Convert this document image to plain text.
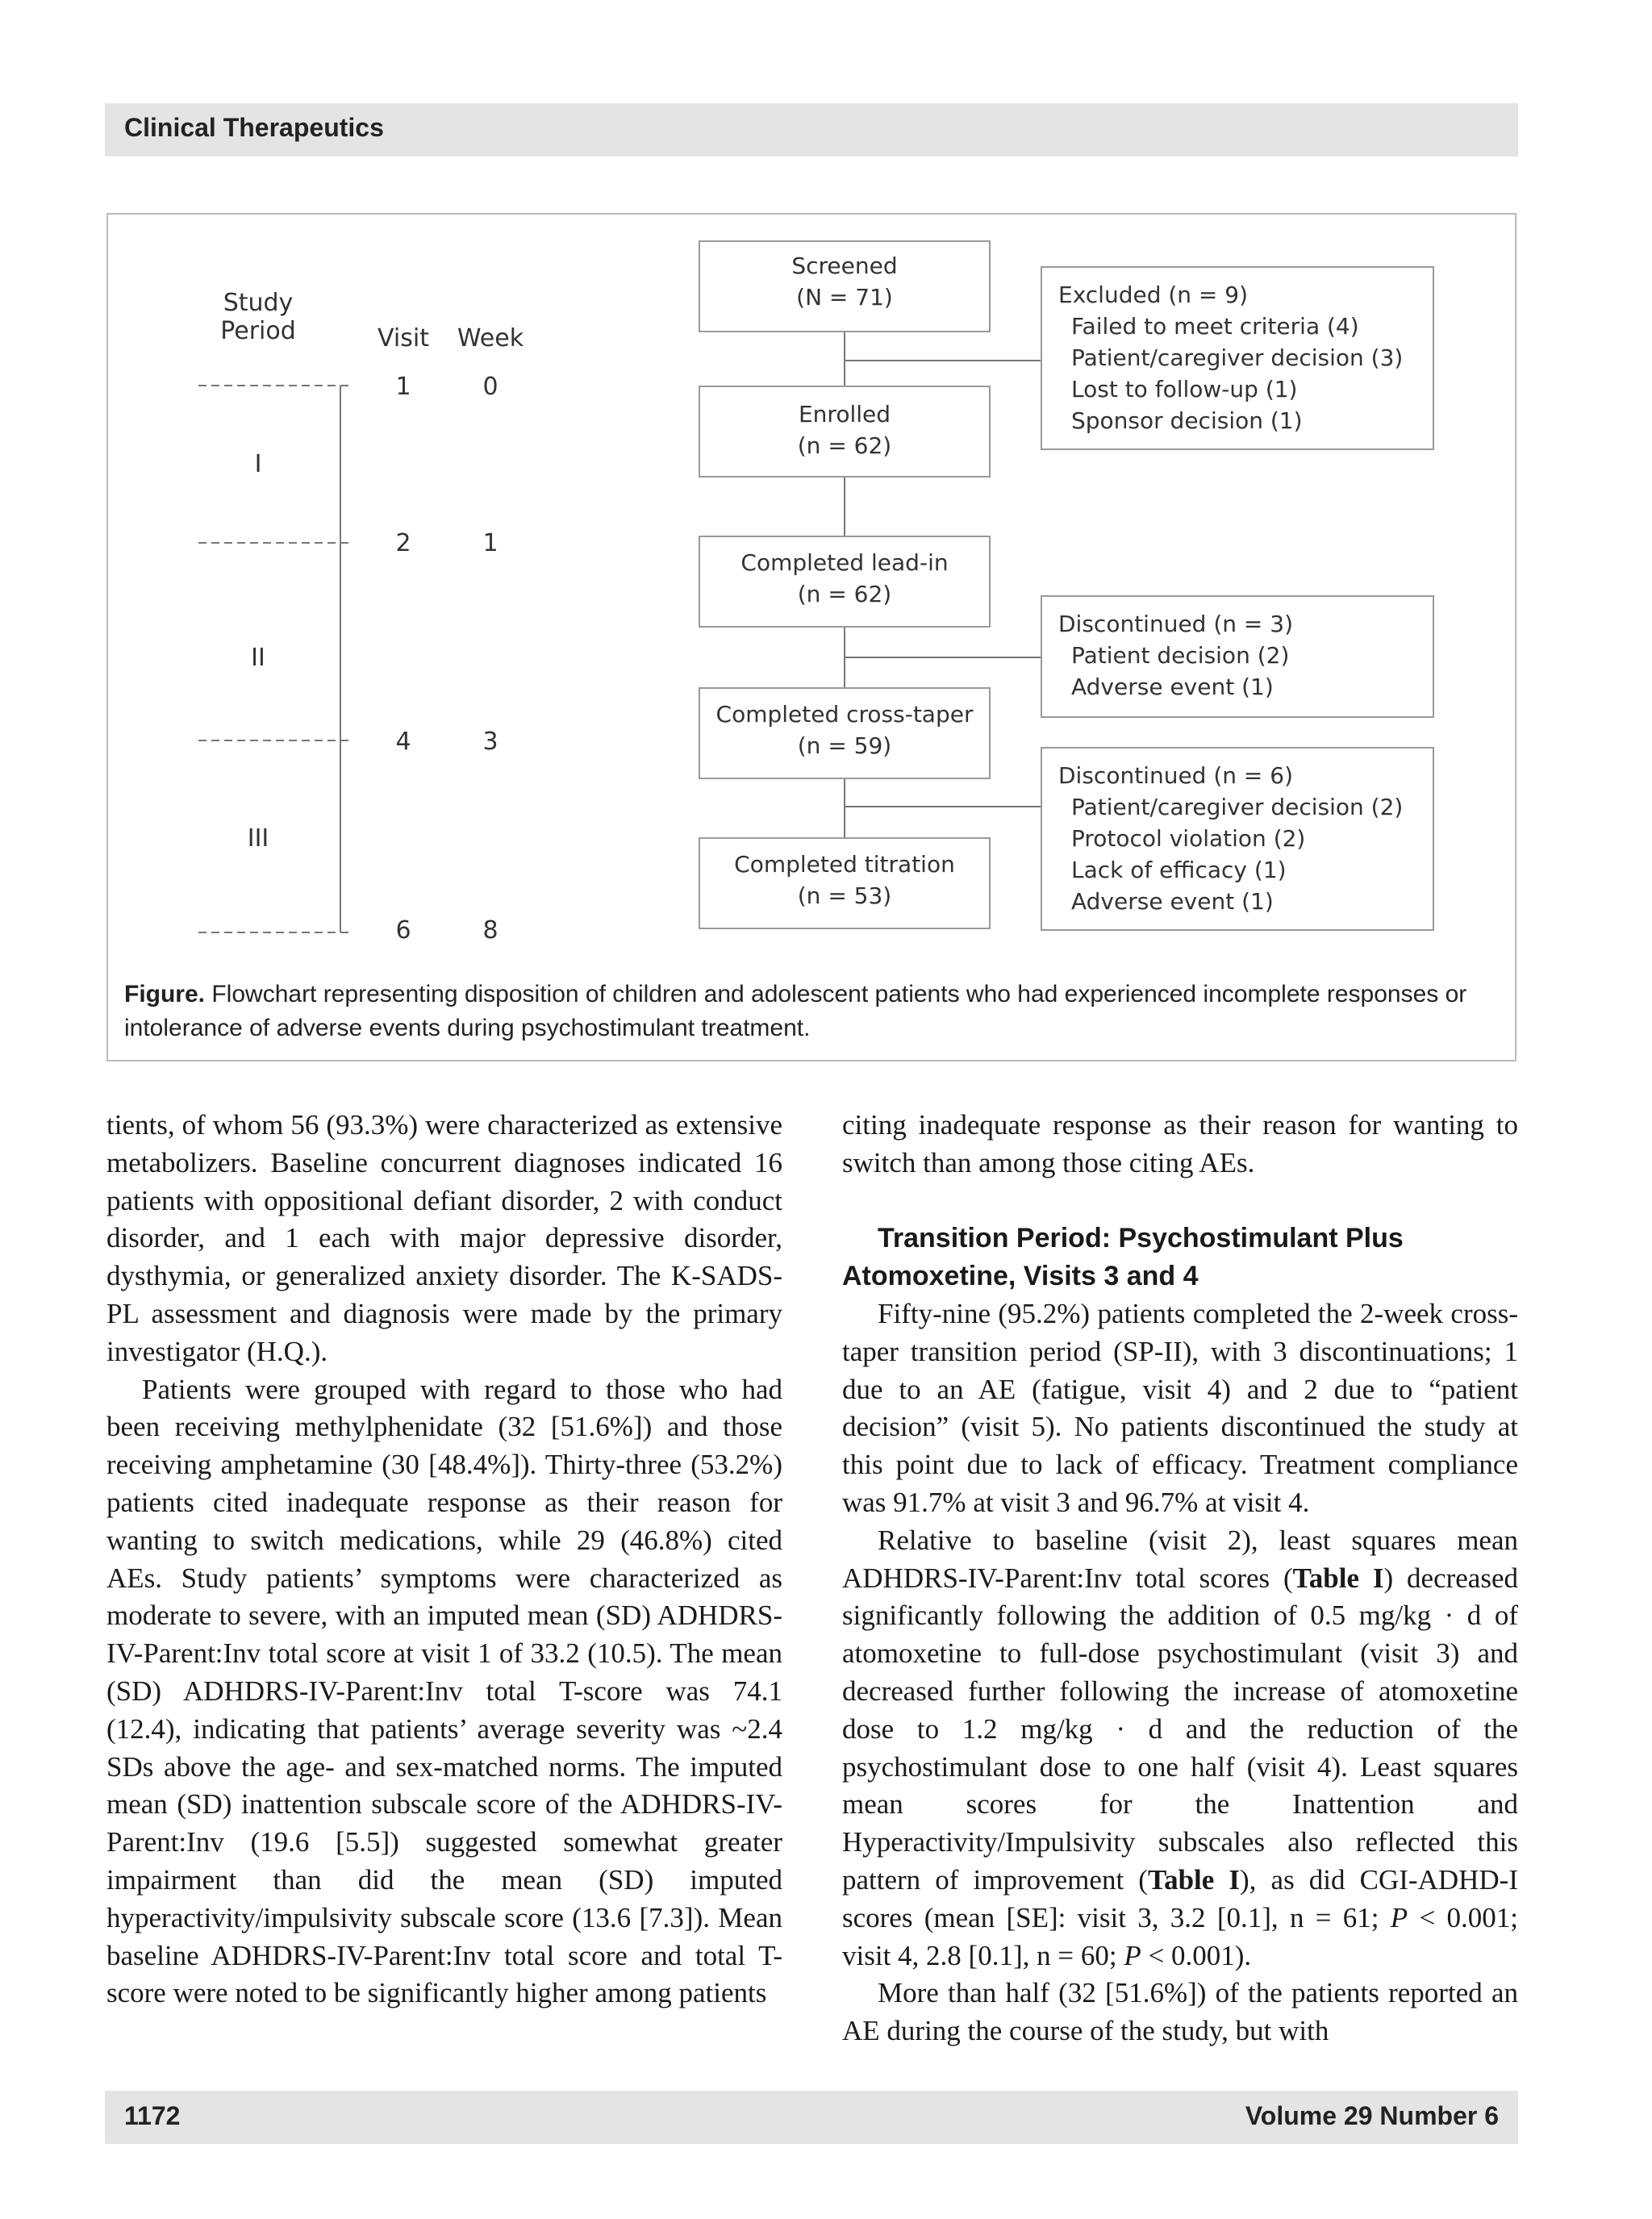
Clinical Therapeutics
Study
Period	Visit Week
I
II
III
1
2
4
6
0
1
3
8
Screened
(N = 71)
Enrolled
(n = 62)
Completed lead-in
(n = 62)
Completed cross-taper
(n = 59)
Completed titration
(n = 53)
Excluded (n = 9)
Failed to meet criteria (4)
Patient/caregiver decision (3)
Lost to follow-up (1)
Sponsor decision (1)
Discontinued (n = 3)
Patient decision (2)
Adverse event (1)
Discontinued (n = 6)
Patient/caregiver decision (2)
Protocol violation (2)
Lack of efficacy (1)
Adverse event (1)
Figure. Flowchart representing disposition of children and adolescent patients who had experienced incomplete responses or intolerance of adverse events during psychostimulant treatment.

tients, of whom 56 (93.3%) were characterized as extensive metabolizers. Baseline concurrent diagnoses indicated 16 patients with oppositional defiant disorder, 2 with conduct disorder, and 1 each with major depressive disorder, dysthymia, or generalized anxiety disorder. The K-SADS-PL assessment and diagnosis were made by the primary investigator (H.Q.).

Patients were grouped with regard to those who had been receiving methylphenidate (32 [51.6%]) and those receiving amphetamine (30 [48.4%]). Thirty-three (53.2%) patients cited inadequate response as their reason for wanting to switch medications, while 29 (46.8%) cited AEs. Study patients’ symptoms were characterized as moderate to severe, with an imputed mean (SD) ADHDRS-IV-Parent:Inv total score at visit 1 of 33.2 (10.5). The mean (SD) ADHDRS-IV-Parent:Inv total T-score was 74.1 (12.4), indicating that patients’ average severity was ~2.4 SDs above the age- and sex-matched norms. The imputed mean (SD) inattention subscale score of the ADHDRS-IV-Parent:Inv (19.6 [5.5]) suggested somewhat greater impairment than did the mean (SD) imputed hyperactivity/impulsivity subscale score (13.6 [7.3]). Mean baseline ADHDRS-IV-Parent:Inv total score and total T-score were noted to be significantly higher among patients

citing inadequate response as their reason for wanting to switch than among those citing AEs.

Transition Period: Psychostimulant Plus Atomoxetine, Visits 3 and 4

Fifty-nine (95.2%) patients completed the 2-week cross-taper transition period (SP-II), with 3 discontinuations; 1 due to an AE (fatigue, visit 4) and 2 due to “patient decision” (visit 5). No patients discontinued the study at this point due to lack of efficacy. Treatment compliance was 91.7% at visit 3 and 96.7% at visit 4.

Relative to baseline (visit 2), least squares mean ADHDRS-IV-Parent:Inv total scores (Table I) decreased significantly following the addition of 0.5 mg/kg · d of atomoxetine to full-dose psychostimulant (visit 3) and decreased further following the increase of atomoxetine dose to 1.2 mg/kg · d and the reduction of the psychostimulant dose to one half (visit 4). Least squares mean scores for the Inattention and Hyperactivity/Impulsivity subscales also reflected this pattern of improvement (Table I), as did CGI-ADHD-I scores (mean [SE]: visit 3, 3.2 [0.1], n = 61; P < 0.001; visit 4, 2.8 [0.1], n = 60; P < 0.001).

More than half (32 [51.6%]) of the patients reported an AE during the course of the study, but with

1172	Volume 29 Number 6
